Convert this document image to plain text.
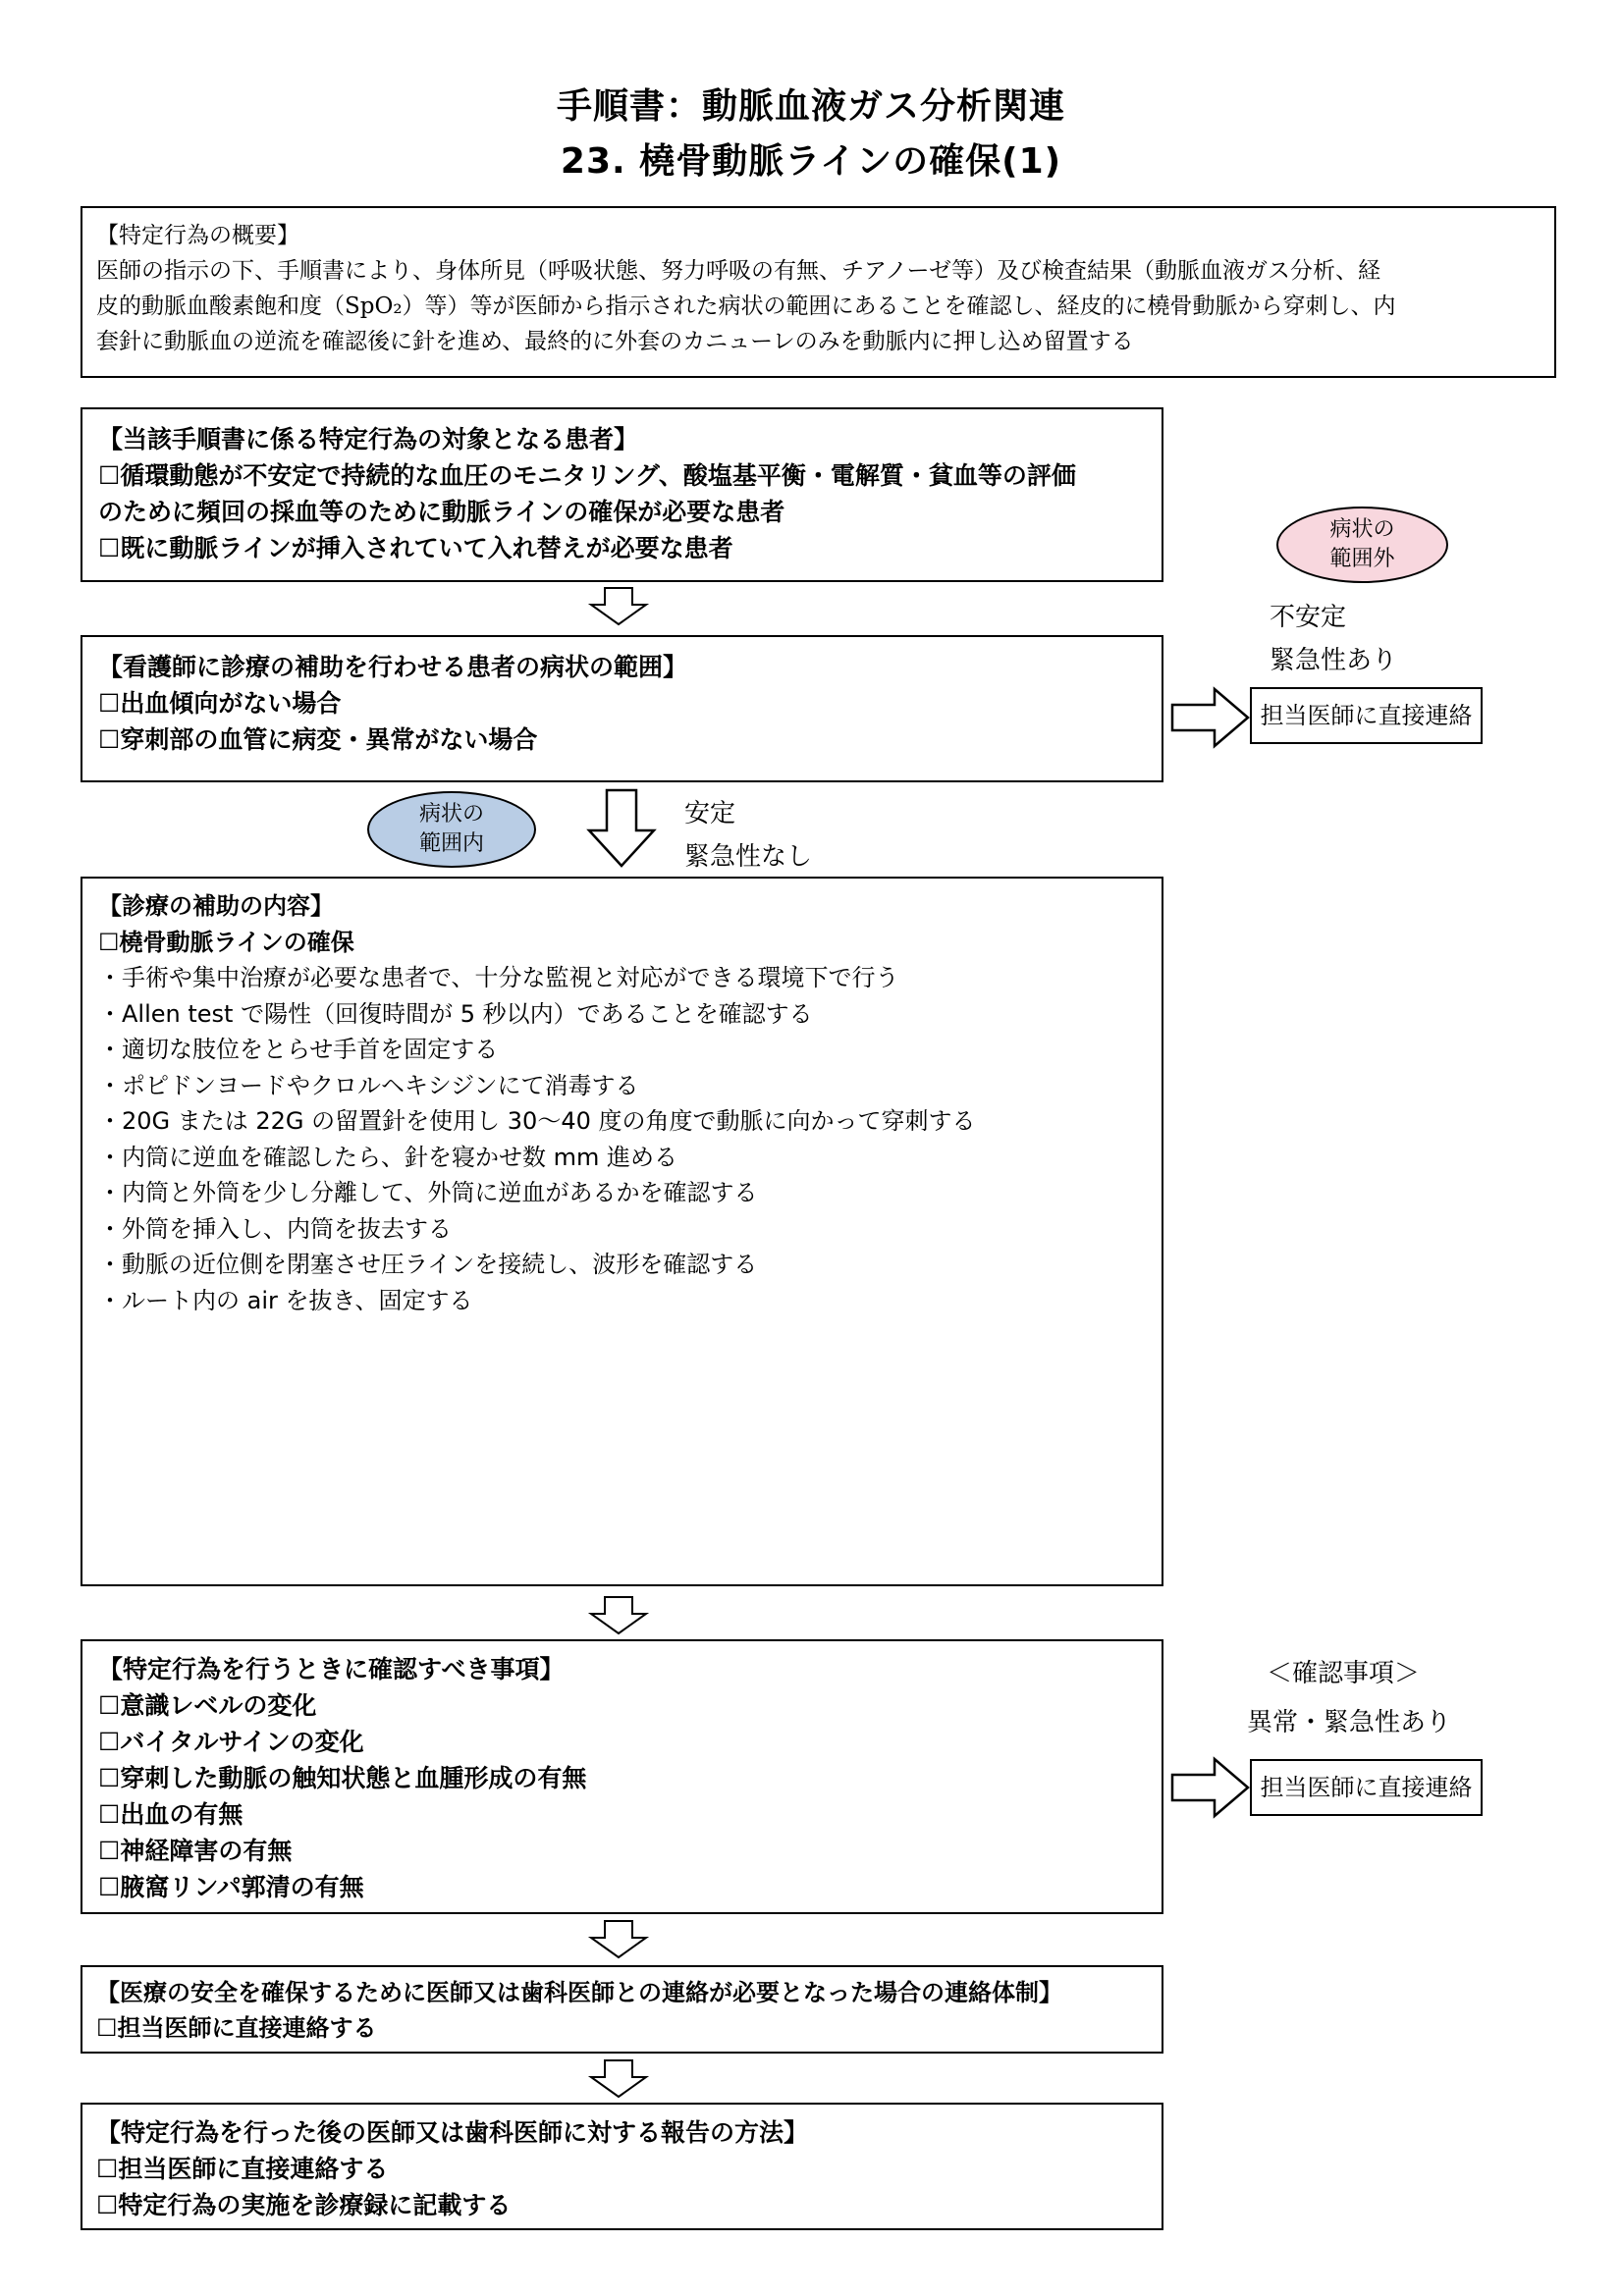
手順書：動脈血液ガス分析関連
23. 橈骨動脈ラインの確保(1)
【特定行為の概要】
医師の指示の下、手順書により、身体所見（呼吸状態、努力呼吸の有無、チアノーゼ等）及び検査結果（動脈血液ガス分析、経
皮的動脈血酸素飽和度（SpO₂）等）等が医師から指示された病状の範囲にあることを確認し、経皮的に橈骨動脈から穿刺し、内
套針に動脈血の逆流を確認後に針を進め、最終的に外套のカニューレのみを動脈内に押し込め留置する
【当該手順書に係る特定行為の対象となる患者】
☐循環動態が不安定で持続的な血圧のモニタリング、酸塩基平衡・電解質・貧血等の評価
のために頻回の採血等のために動脈ラインの確保が必要な患者
☐既に動脈ラインが挿入されていて入れ替えが必要な患者
【看護師に診療の補助を行わせる患者の病状の範囲】
☐出血傾向がない場合
☐穿刺部の血管に病変・異常がない場合
病状の
範囲外
不安定
緊急性あり
担当医師に直接連絡
病状の
範囲内
安定
緊急性なし
【診療の補助の内容】
☐橈骨動脈ラインの確保
・手術や集中治療が必要な患者で、十分な監視と対応ができる環境下で行う
・Allen test で陽性（回復時間が 5 秒以内）であることを確認する
・適切な肢位をとらせ手首を固定する
・ポピドンヨードやクロルヘキシジンにて消毒する
・20G または 22G の留置針を使用し 30～40 度の角度で動脈に向かって穿刺する
・内筒に逆血を確認したら、針を寝かせ数 mm 進める
・内筒と外筒を少し分離して、外筒に逆血があるかを確認する
・外筒を挿入し、内筒を抜去する
・動脈の近位側を閉塞させ圧ラインを接続し、波形を確認する
・ルート内の air を抜き、固定する
【特定行為を行うときに確認すべき事項】
☐意識レベルの変化
☐バイタルサインの変化
☐穿刺した動脈の触知状態と血腫形成の有無
☐出血の有無
☐神経障害の有無
☐腋窩リンパ郭清の有無
＜確認事項＞
異常・緊急性あり
担当医師に直接連絡
【医療の安全を確保するために医師又は歯科医師との連絡が必要となった場合の連絡体制】
☐担当医師に直接連絡する
【特定行為を行った後の医師又は歯科医師に対する報告の方法】
☐担当医師に直接連絡する
☐特定行為の実施を診療録に記載する
